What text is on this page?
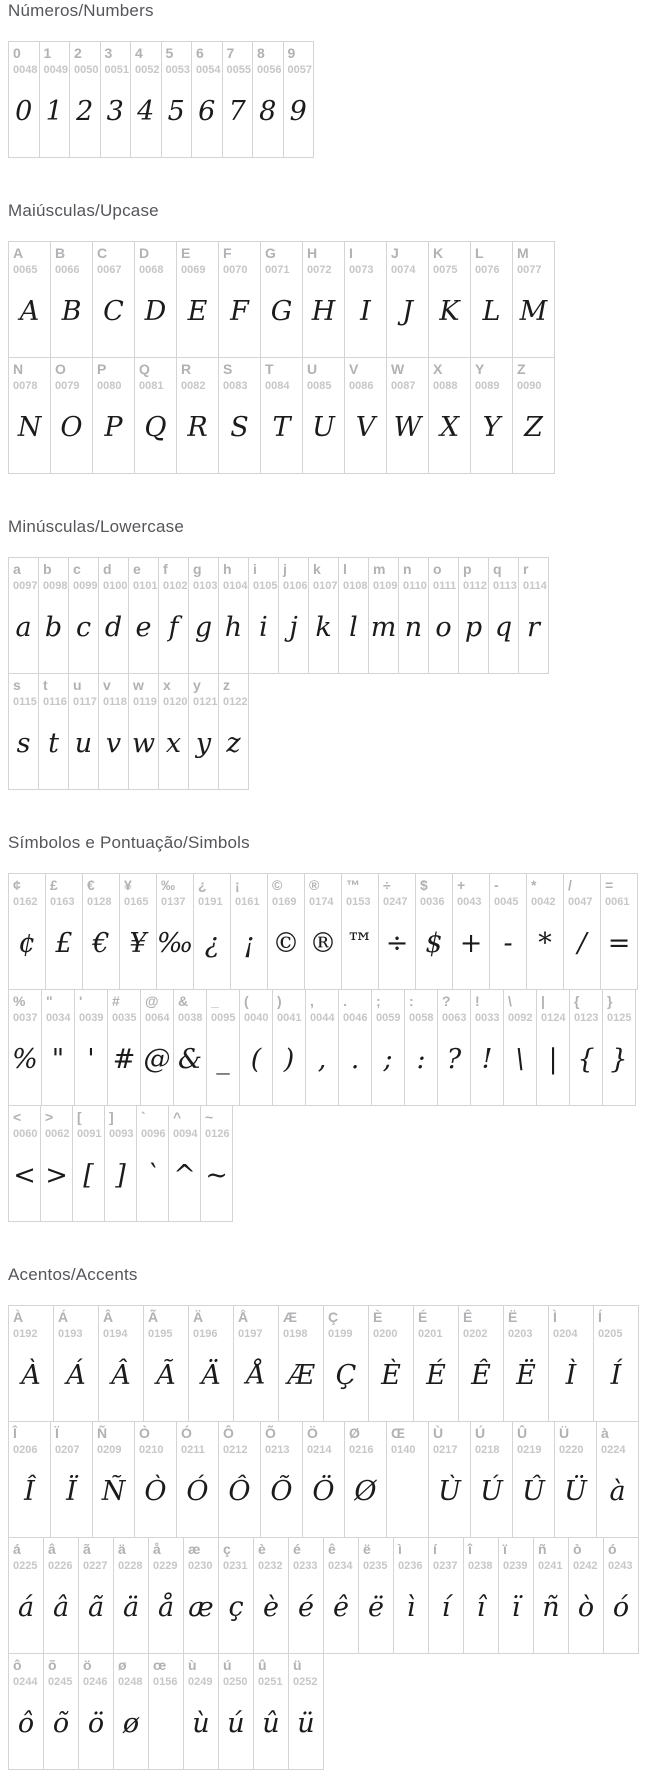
Números/Numbers
0
0048
0
1
0049
1
2
0050
2
3
0051
3
4
0052
4
5
0053
5
6
0054
6
7
0055
7
8
0056
8
9
0057
9
Maiúsculas/Upcase
A
0065
A
B
0066
B
C
0067
C
D
0068
D
E
0069
E
F
0070
F
G
0071
G
H
0072
H
I
0073
I
J
0074
J
K
0075
K
L
0076
L
M
0077
M
N
0078
N
O
0079
O
P
0080
P
Q
0081
Q
R
0082
R
S
0083
S
T
0084
T
U
0085
U
V
0086
V
W
0087
W
X
0088
X
Y
0089
Y
Z
0090
Z
Minúsculas/Lowercase
a
0097
a
b
0098
b
c
0099
c
d
0100
d
e
0101
e
f
0102
f
g
0103
g
h
0104
h
i
0105
i
j
0106
j
k
0107
k
l
0108
l
m
0109
m
n
0110
n
o
0111
o
p
0112
p
q
0113
q
r
0114
r
s
0115
s
t
0116
t
u
0117
u
v
0118
v
w
0119
w
x
0120
x
y
0121
y
z
0122
z
Símbolos e Pontuação/Simbols
¢
0162
¢
£
0163
£
€
0128
€
¥
0165
¥
‰
0137
‰
¿
0191
¿
¡
0161
¡
©
0169
©
®
0174
®
™
0153
™
÷
0247
÷
$
0036
$
+
0043
+
-
0045
-
*
0042
*
/
0047
/
=
0061
=
%
0037
%
"
0034
"
'
0039
'
#
0035
#
@
0064
@
&
0038
&
_
0095
_
(
0040
(
)
0041
)
,
0044
,
.
0046
.
;
0059
;
:
0058
:
?
0063
?
!
0033
!
\
0092
\
|
0124
|
{
0123
{
}
0125
}
<
0060
<
>
0062
>
[
0091
[
]
0093
]
`
0096
`
^
0094
^
~
0126
~
Acentos/Accents
À
0192
À
Á
0193
Á
Â
0194
Â
Ã
0195
Ã
Ä
0196
Ä
Å
0197
Å
Æ
0198
Æ
Ç
0199
Ç
È
0200
È
É
0201
É
Ê
0202
Ê
Ë
0203
Ë
Ì
0204
Ì
Í
0205
Í
Î
0206
Î
Ï
0207
Ï
Ñ
0209
Ñ
Ò
0210
Ò
Ó
0211
Ó
Ô
0212
Ô
Õ
0213
Õ
Ö
0214
Ö
Ø
0216
Ø
Œ
0140
Ù
0217
Ù
Ú
0218
Ú
Û
0219
Û
Ü
0220
Ü
à
0224
à
á
0225
á
â
0226
â
ã
0227
ã
ä
0228
ä
å
0229
å
æ
0230
æ
ç
0231
ç
è
0232
è
é
0233
é
ê
0234
ê
ë
0235
ë
ì
0236
ì
í
0237
í
î
0238
î
ï
0239
ï
ñ
0241
ñ
ò
0242
ò
ó
0243
ó
ô
0244
ô
õ
0245
õ
ö
0246
ö
ø
0248
ø
œ
0156
ù
0249
ù
ú
0250
ú
û
0251
û
ü
0252
ü
